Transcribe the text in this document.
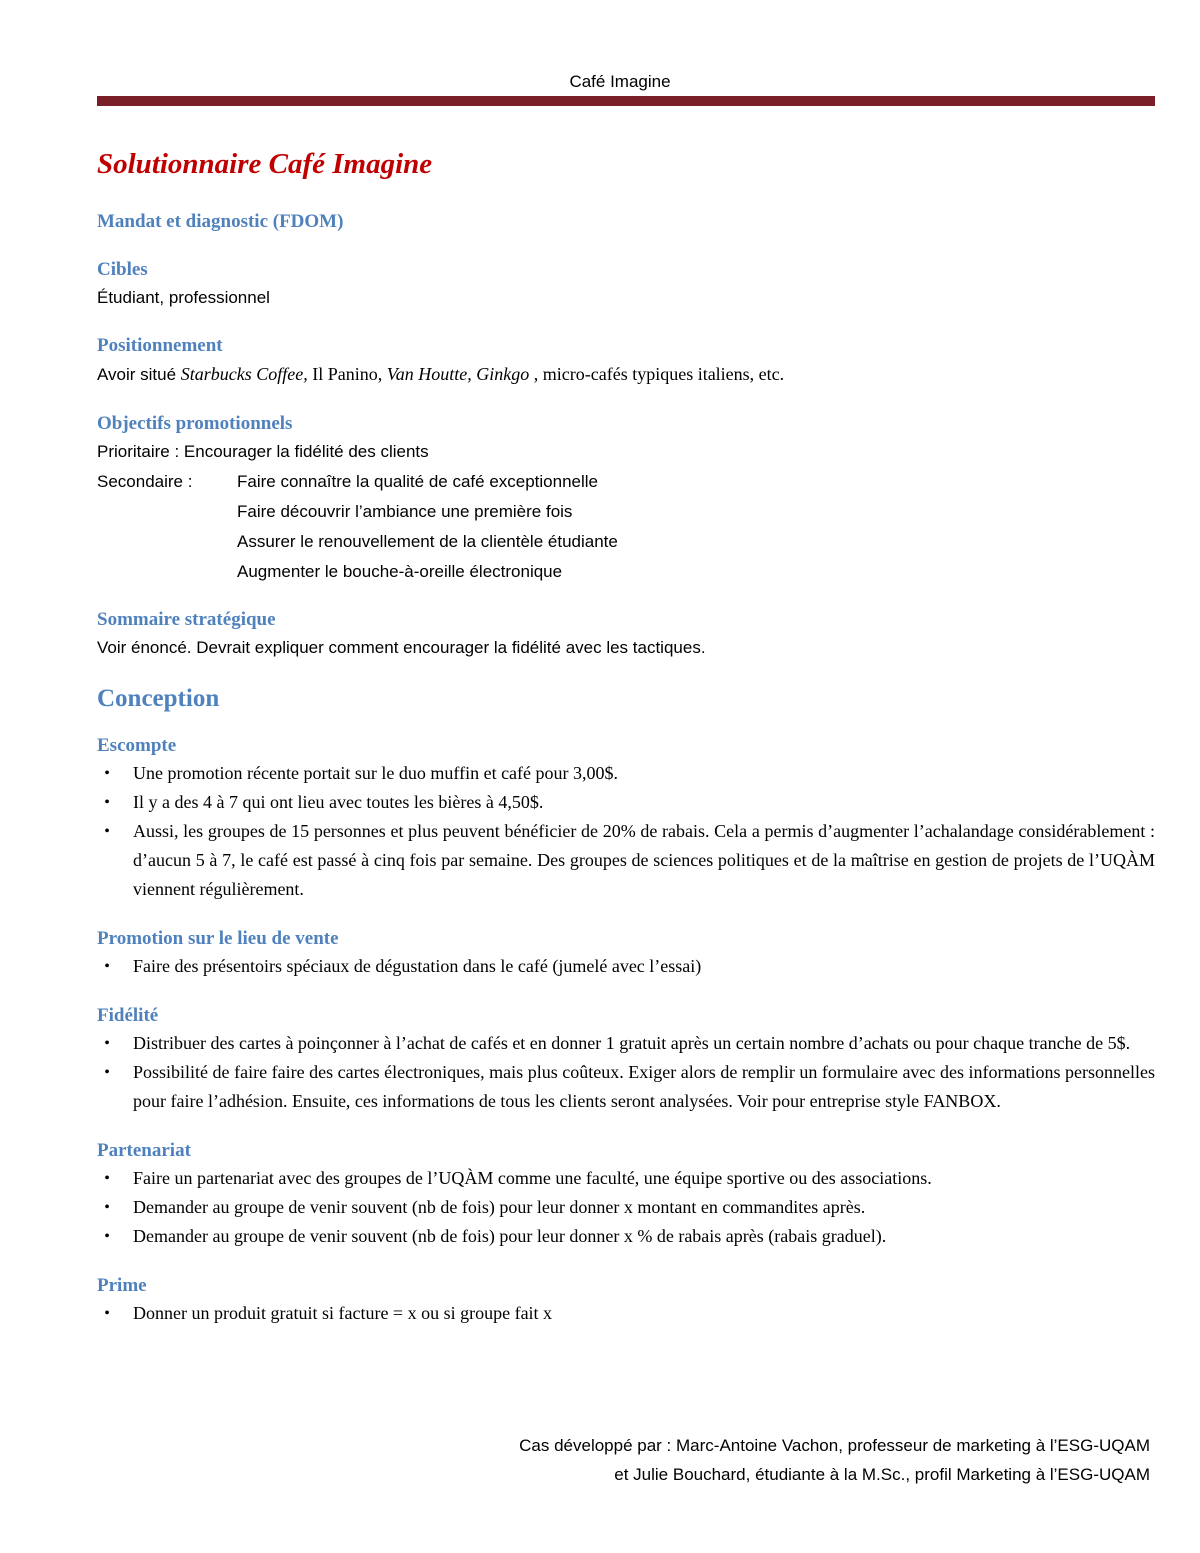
Café Imagine
Solutionnaire Café Imagine
Mandat et diagnostic (FDOM)
Cibles
Étudiant, professionnel
Positionnement
Avoir situé Starbucks Coffee, Il Panino, Van Houtte, Ginkgo , micro-cafés typiques italiens, etc.
Objectifs promotionnels
Prioritaire : Encourager la fidélité des clients
Secondaire :	Faire connaître la qualité de café exceptionnelle
Faire découvrir l’ambiance une première fois
Assurer le renouvellement de la clientèle étudiante
Augmenter le bouche-à-oreille électronique
Sommaire stratégique
Voir énoncé. Devrait expliquer comment encourager la fidélité avec les tactiques.
Conception
Escompte
•	Une promotion récente portait sur le duo muffin et café pour 3,00$.
•	Il y a des 4 à 7 qui ont lieu avec toutes les bières à 4,50$.
•	Aussi, les groupes de 15 personnes et plus peuvent bénéficier de 20% de rabais. Cela a permis d’augmenter l’achalandage considérablement : d’aucun 5 à 7, le café est passé à cinq fois par semaine. Des groupes de sciences politiques et de la maîtrise en gestion de projets de l’UQÀM viennent régulièrement.
Promotion sur le lieu de vente
•	Faire des présentoirs spéciaux de dégustation dans le café (jumelé avec l’essai)
Fidélité
•	Distribuer des cartes à poinçonner à l’achat de cafés et en donner 1 gratuit après un certain nombre d’achats ou pour chaque tranche de 5$.
•	Possibilité de faire faire des cartes électroniques, mais plus coûteux. Exiger alors de remplir un formulaire avec des informations personnelles pour faire l’adhésion. Ensuite, ces informations de tous les clients seront analysées. Voir pour entreprise style FANBOX.
Partenariat
•	Faire un partenariat avec des groupes de l’UQÀM comme une faculté, une équipe sportive ou des associations.
•	Demander au groupe de venir souvent (nb de fois) pour leur donner x montant en commandites après.
•	Demander au groupe de venir souvent (nb de fois) pour leur donner x % de rabais après (rabais graduel).
Prime
•	Donner un produit gratuit si facture = x ou si groupe fait x
Cas développé par : Marc-Antoine Vachon, professeur de marketing à l’ESG-UQAM
et Julie Bouchard, étudiante à la M.Sc., profil Marketing à l’ESG-UQAM
